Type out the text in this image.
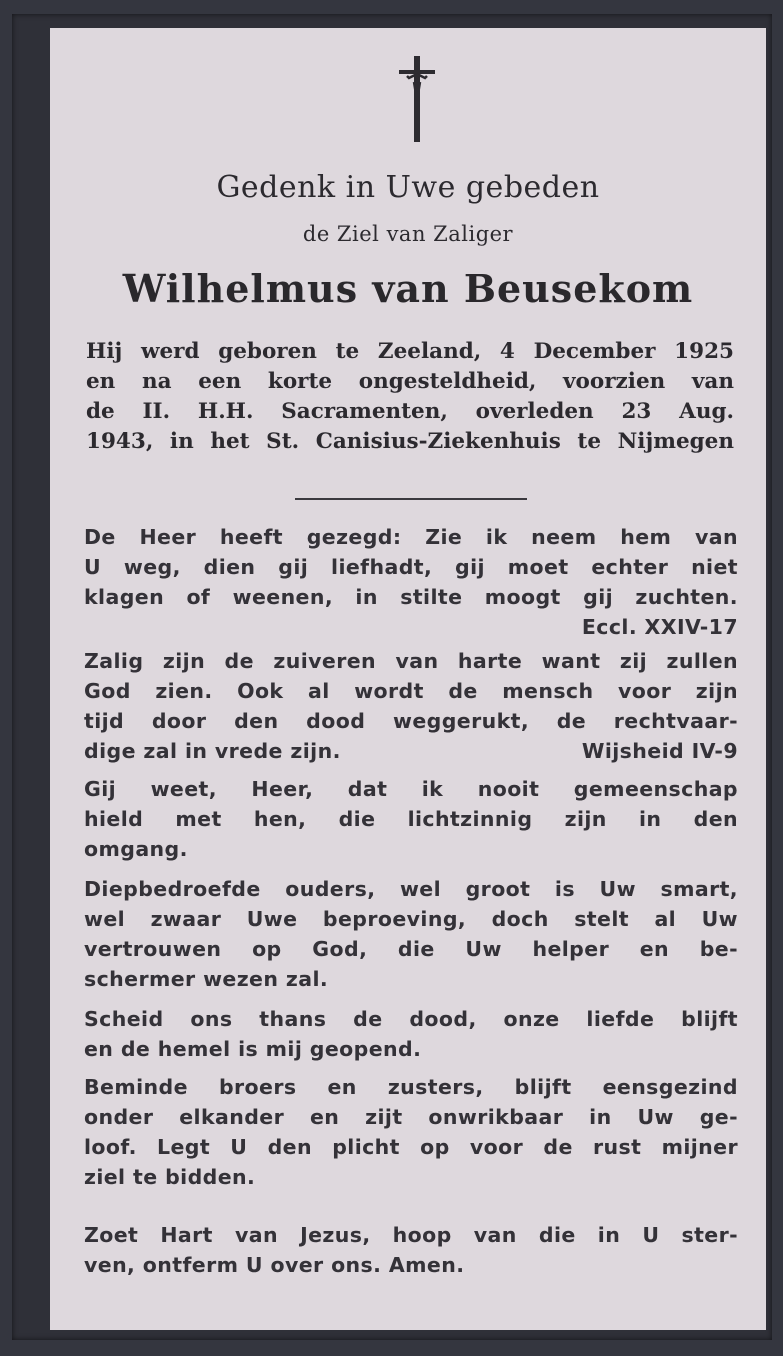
Gedenk in Uwe gebeden
de Ziel van Zaliger
Wilhelmus van Beusekom
Hij werd geboren te Zeeland, 4 December 1925
en na een korte ongesteldheid, voorzien van
de II. H.H. Sacramenten, overleden 23 Aug.
1943, in het St. Canisius-Ziekenhuis te Nijmegen
De Heer heeft gezegd: Zie ik neem hem van
U weg, dien gij liefhadt, gij moet echter niet
klagen of weenen, in stilte moogt gij zuchten.
Eccl. XXIV-17
Zalig zijn de zuiveren van harte want zij zullen
God zien. Ook al wordt de mensch voor zijn
tijd door den dood weggerukt, de rechtvaar-
dige zal in vrede zijn.	Wijsheid IV-9
Gij weet, Heer, dat ik nooit gemeenschap
hield met hen, die lichtzinnig zijn in den
omgang.
Diepbedroefde ouders, wel groot is Uw smart,
wel zwaar Uwe beproeving, doch stelt al Uw
vertrouwen op God, die Uw helper en be-
schermer wezen zal.
Scheid ons thans de dood, onze liefde blijft
en de hemel is mij geopend.
Beminde broers en zusters, blijft eensgezind
onder elkander en zijt onwrikbaar in Uw ge-
loof. Legt U den plicht op voor de rust mijner
ziel te bidden.
Zoet Hart van Jezus, hoop van die in U ster-
ven, ontferm U over ons. Amen.
